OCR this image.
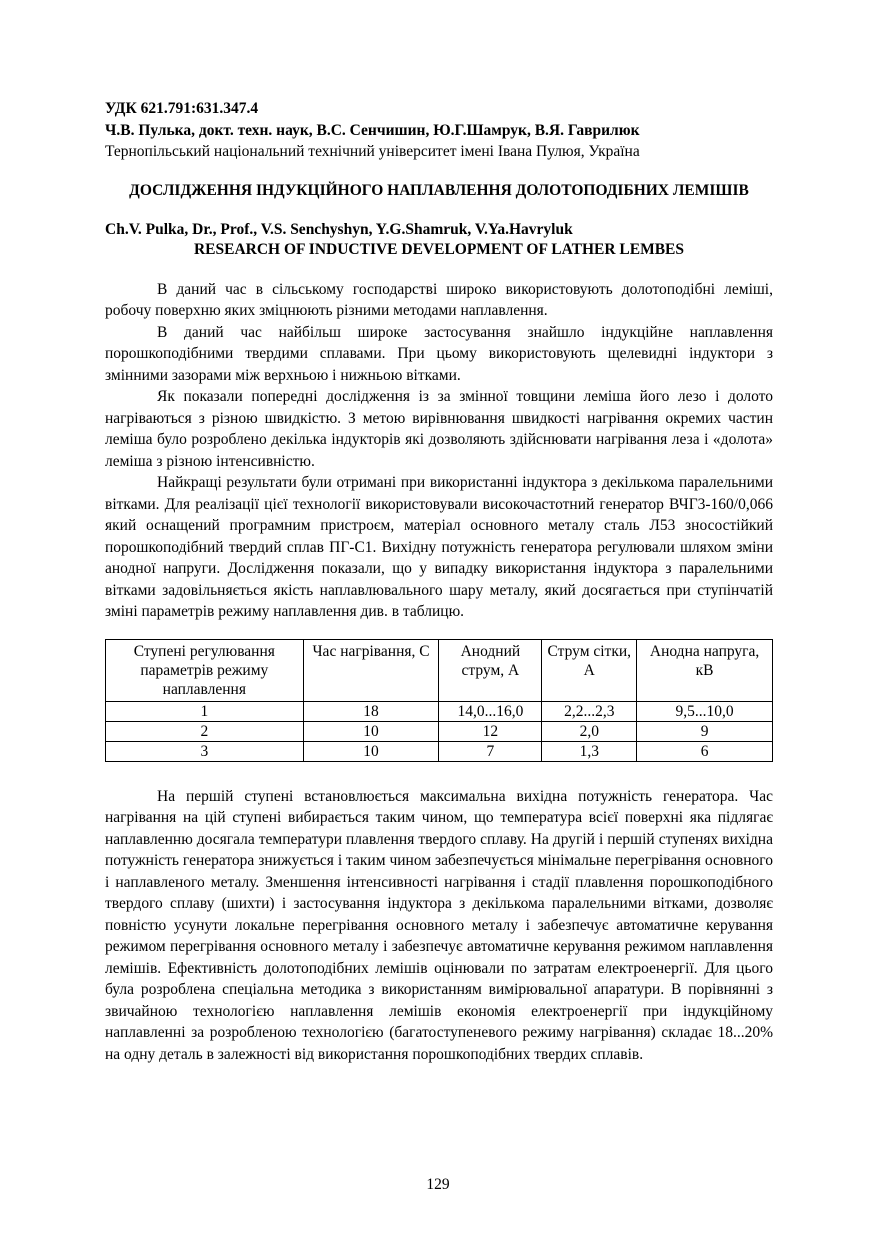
УДК 621.791:631.347.4
Ч.В. Пулька, докт. техн. наук, В.С. Сенчишин, Ю.Г.Шамрук, В.Я. Гаврилюк
Тернопільський національний технічний університет імені Івана Пулюя, Україна
ДОСЛІДЖЕННЯ ІНДУКЦІЙНОГО НАПЛАВЛЕННЯ ДОЛОТОПОДІБНИХ ЛЕМІШІВ
Ch.V. Pulka, Dr., Prof., V.S. Senchyshyn, Y.G.Shamruk, V.Ya.Havryluk
RESEARCH OF INDUCTIVE DEVELOPMENT OF LATHER LEMBES

В даний час в сільському господарстві широко використовують долотоподібні леміші, робочу поверхню яких зміцнюють різними методами наплавлення.

В даний час найбільш широке застосування знайшло індукційне наплавлення порошкоподібними твердими сплавами. При цьому використовують щелевидні індуктори з змінними зазорами між верхньою і нижньою вітками.

Як показали попередні дослідження із за змінної товщини леміша його лезо і долото нагріваються з різною швидкістю. З метою вирівнювання швидкості нагрівання окремих частин леміша було розроблено декілька індукторів які дозволяють здійснювати нагрівання леза і «долота» леміша з різною інтенсивністю.

Найкращі результати були отримані при використанні індуктора з декількома паралельними вітками. Для реалізації цієї технології використовували високочастотний генератор ВЧГ3-160/0,066 який оснащений програмним пристроєм, матеріал основного металу сталь Л53 зносостійкий порошкоподібний твердий сплав ПГ-С1. Вихідну потужність генератора регулювали шляхом зміни анодної напруги. Дослідження показали, що у випадку використання індуктора з паралельними вітками задовільняється якість наплавлювального шару металу, який досягається при ступінчатій зміні параметрів режиму наплавлення див. в таблицю.

Ступені регулювання параметрів режиму наплавлення	Час нагрівання, С	Анодний струм, А	Струм сітки, А	Анодна напруга, кВ
1	18	14,0...16,0	2,2...2,3	9,5...10,0
2	10	12	2,0	9
3	10	7	1,3	6

На першій ступені встановлюється максимальна вихідна потужність генератора. Час нагрівання на цій ступені вибирається таким чином, що температура всієї поверхні яка підлягає наплавленню досягала температури плавлення твердого сплаву. На другій і першій ступенях вихідна потужність генератора знижується і таким чином забезпечується мінімальне перегрівання основного і наплавленого металу. Зменшення інтенсивності нагрівання і стадії плавлення порошкоподібного твердого сплаву (шихти) і застосування індуктора з декількома паралельними вітками, дозволяє повністю усунути локальне перегрівання основного металу і забезпечує автоматичне керування режимом перегрівання основного металу і забезпечує автоматичне керування режимом наплавлення лемішів. Ефективність долотоподібних лемішів оцінювали по затратам електроенергії. Для цього була розроблена спеціальна методика з використанням вимірювальної апаратури. В порівнянні з звичайною технологією наплавлення лемішів економія електроенергії при індукційному наплавленні за розробленою технологією (багатоступеневого режиму нагрівання) складає 18...20% на одну деталь в залежності від використання порошкоподібних твердих сплавів.

129
